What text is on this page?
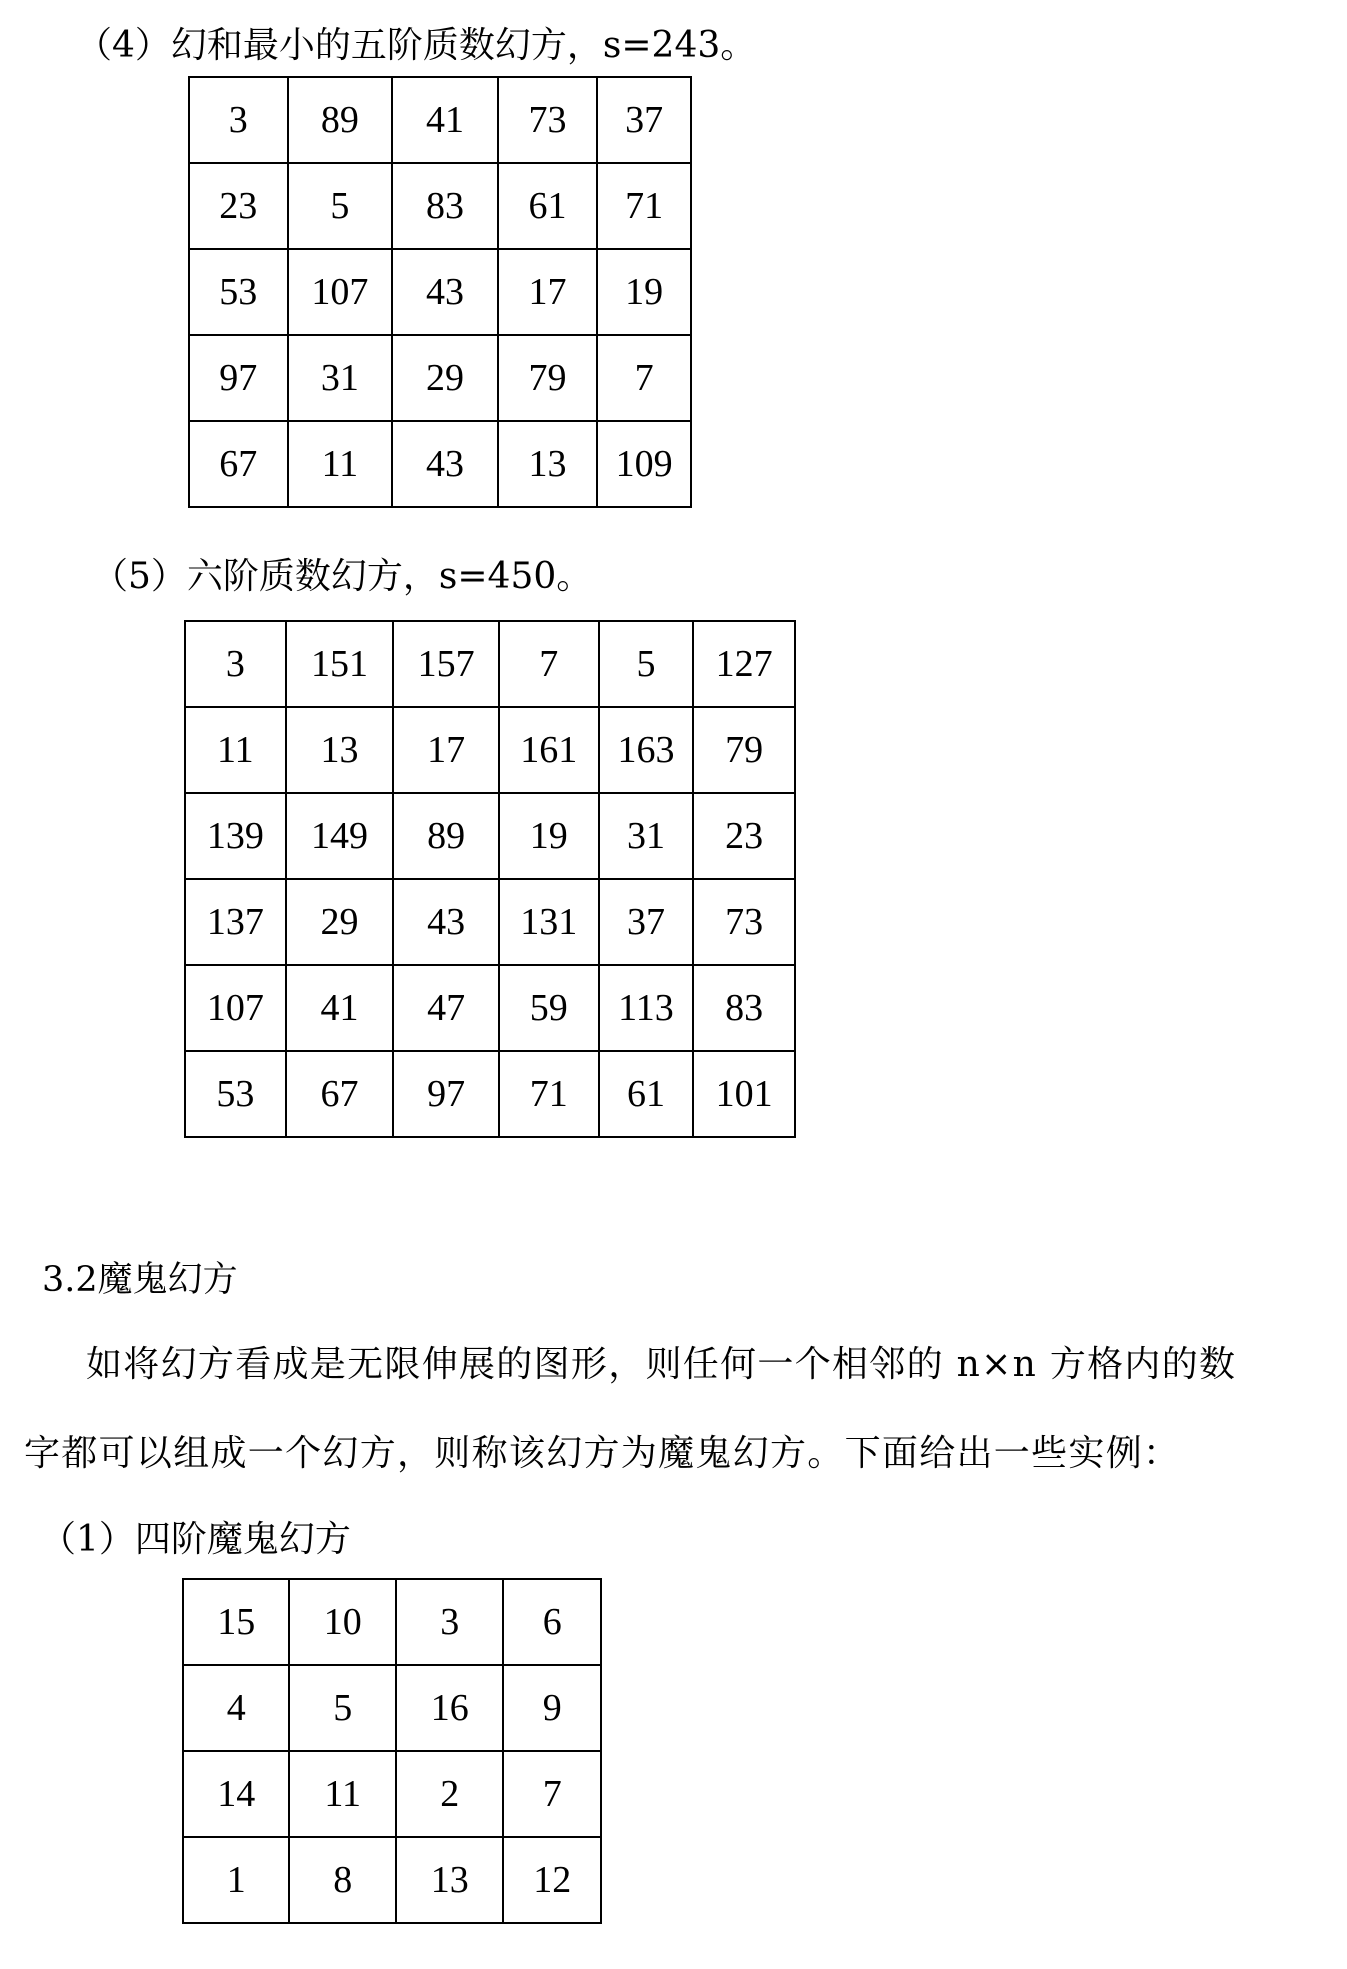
（4）幻和最小的五阶质数幻方，s=243。
3	89	41	73	37
23	5	83	61	71
53	107	43	17	19
97	31	29	79	7
67	11	43	13	109
（5）六阶质数幻方，s=450。
3	151	157	7	5	127
11	13	17	161	163	79
139	149	89	19	31	23
137	29	43	131	37	73
107	41	47	59	113	83
53	67	97	71	61	101
3.2魔鬼幻方
如将幻方看成是无限伸展的图形，则任何一个相邻的 n×n 方格内的数
字都可以组成一个幻方，则称该幻方为魔鬼幻方。下面给出一些实例：
（1）四阶魔鬼幻方
15	10	3	6
4	5	16	9
14	11	2	7
1	8	13	12
